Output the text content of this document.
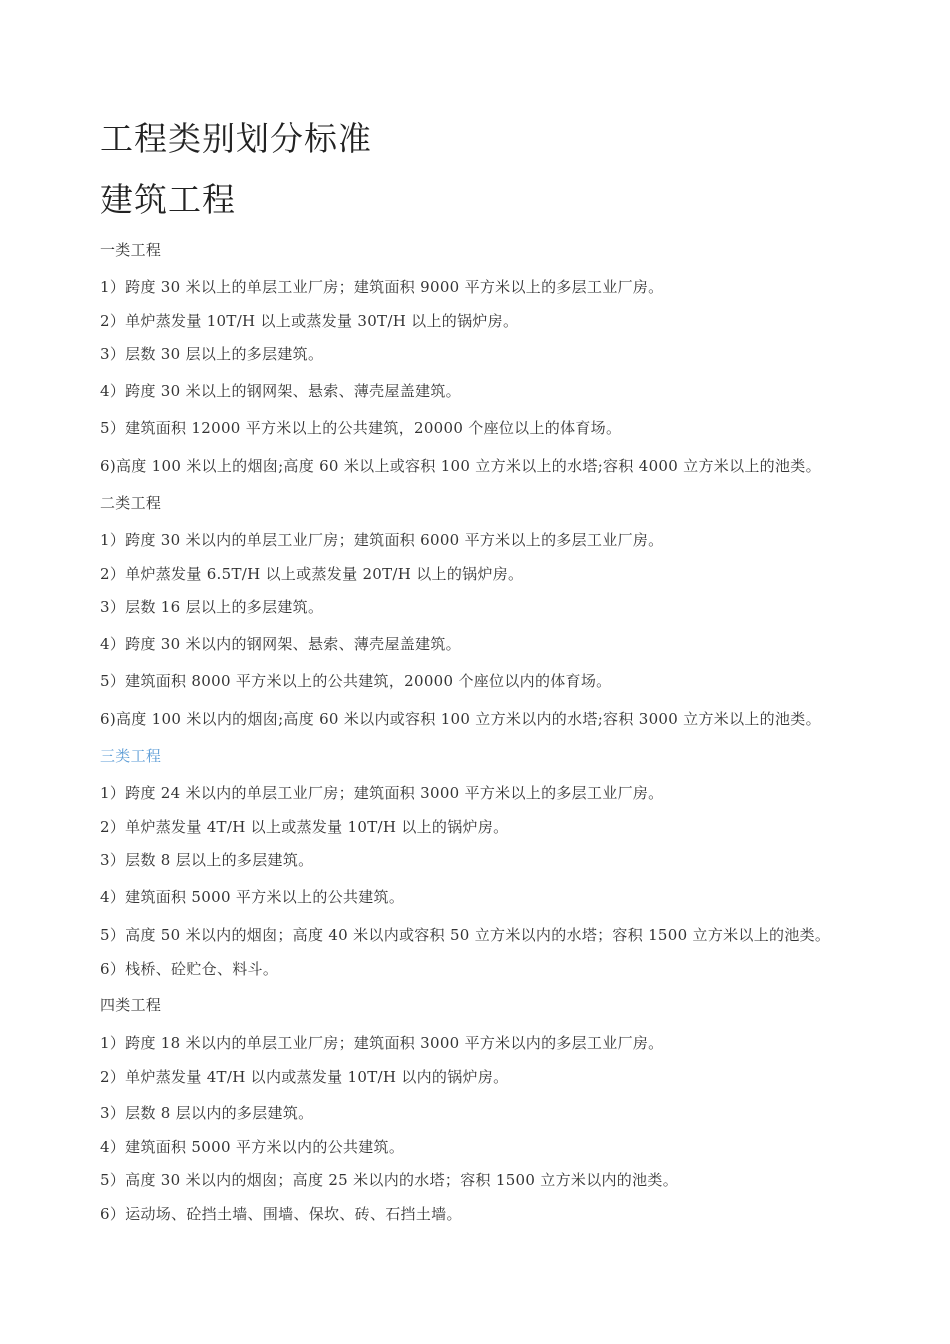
工程类别划分标准
建筑工程
一类工程
1）跨度 30 米以上的单层工业厂房；建筑面积 9000 平方米以上的多层工业厂房。
2）单炉蒸发量 10T/H 以上或蒸发量 30T/H 以上的锅炉房。
3）层数 30 层以上的多层建筑。
4）跨度 30 米以上的钢网架、悬索、薄壳屋盖建筑。
5）建筑面积 12000 平方米以上的公共建筑，20000 个座位以上的体育场。
6)高度 100 米以上的烟囱;高度 60 米以上或容积 100 立方米以上的水塔;容积 4000 立方米以上的池类。
二类工程
1）跨度 30 米以内的单层工业厂房；建筑面积 6000 平方米以上的多层工业厂房。
2）单炉蒸发量 6.5T/H 以上或蒸发量 20T/H 以上的锅炉房。
3）层数 16 层以上的多层建筑。
4）跨度 30 米以内的钢网架、悬索、薄壳屋盖建筑。
5）建筑面积 8000 平方米以上的公共建筑，20000 个座位以内的体育场。
6)高度 100 米以内的烟囱;高度 60 米以内或容积 100 立方米以内的水塔;容积 3000 立方米以上的池类。
三类工程
1）跨度 24 米以内的单层工业厂房；建筑面积 3000 平方米以上的多层工业厂房。
2）单炉蒸发量 4T/H 以上或蒸发量 10T/H 以上的锅炉房。
3）层数 8 层以上的多层建筑。
4）建筑面积 5000 平方米以上的公共建筑。
5）高度 50 米以内的烟囱；高度 40 米以内或容积 50 立方米以内的水塔；容积 1500 立方米以上的池类。
6）栈桥、砼贮仓、料斗。
四类工程
1）跨度 18 米以内的单层工业厂房；建筑面积 3000 平方米以内的多层工业厂房。
2）单炉蒸发量 4T/H 以内或蒸发量 10T/H 以内的锅炉房。
3）层数 8 层以内的多层建筑。
4）建筑面积 5000 平方米以内的公共建筑。
5）高度 30 米以内的烟囱；高度 25 米以内的水塔；容积 1500 立方米以内的池类。
6）运动场、砼挡土墙、围墙、保坎、砖、石挡土墙。
